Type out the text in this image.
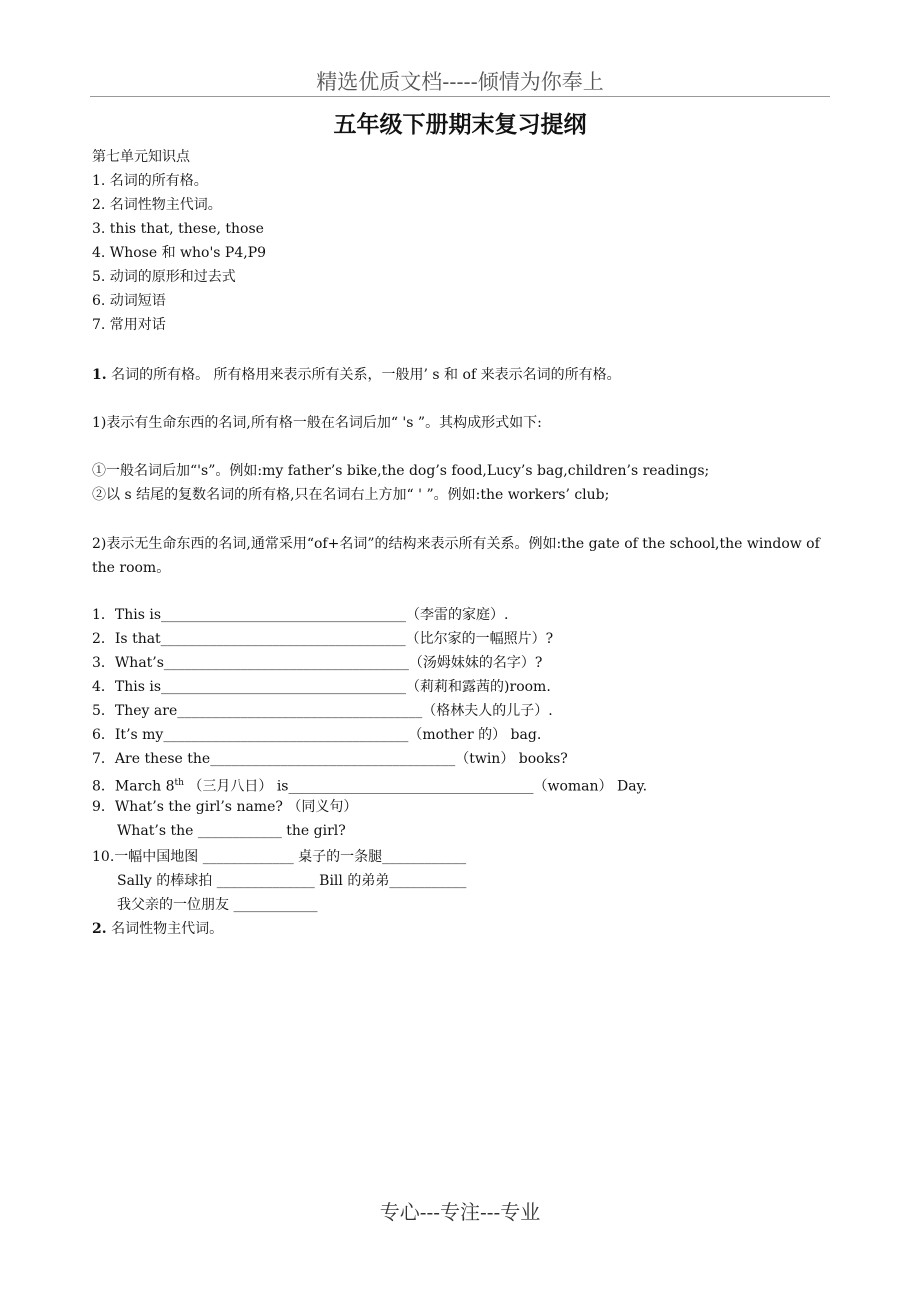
精选优质文档-----倾情为你奉上
五年级下册期末复习提纲
第七单元知识点
1. 名词的所有格。
2. 名词性物主代词。
3. this that, these, those
4. Whose 和 who's P4,P9
5. 动词的原形和过去式
6. 动词短语
7. 常用对话
1. 名词的所有格。 所有格用来表示所有关系，一般用’ s 和 of 来表示名词的所有格。
1)表示有生命东西的名词,所有格一般在名词后加“ 's ”。其构成形式如下:
①一般名词后加“'s”。例如:my father’s bike,the dog’s food,Lucy’s bag,children’s readings;
②以 s 结尾的复数名词的所有格,只在名词右上方加“ ' ”。例如:the workers’ club;
2)表示无生命东西的名词,通常采用“of+名词”的结构来表示所有关系。例如:the gate of the school,the window of the room。
1．This is___________________________________（李雷的家庭）.
2．Is that___________________________________（比尔家的一幅照片）?
3．What’s___________________________________（汤姆妹妹的名字）?
4．This is___________________________________（莉莉和露茜的)room.
5．They are___________________________________（格林夫人的儿子）.
6．It’s my___________________________________（mother 的） bag.
7．Are these the___________________________________（twin） books?
8．March 8th （三月八日） is___________________________________（woman） Day.
9．What’s the girl’s name? （同义句）
What’s the ____________ the girl?
10.一幅中国地图 _____________ 桌子的一条腿____________
Sally 的棒球拍 ______________ Bill 的弟弟___________
我父亲的一位朋友 ____________
2. 名词性物主代词。
专心---专注---专业
